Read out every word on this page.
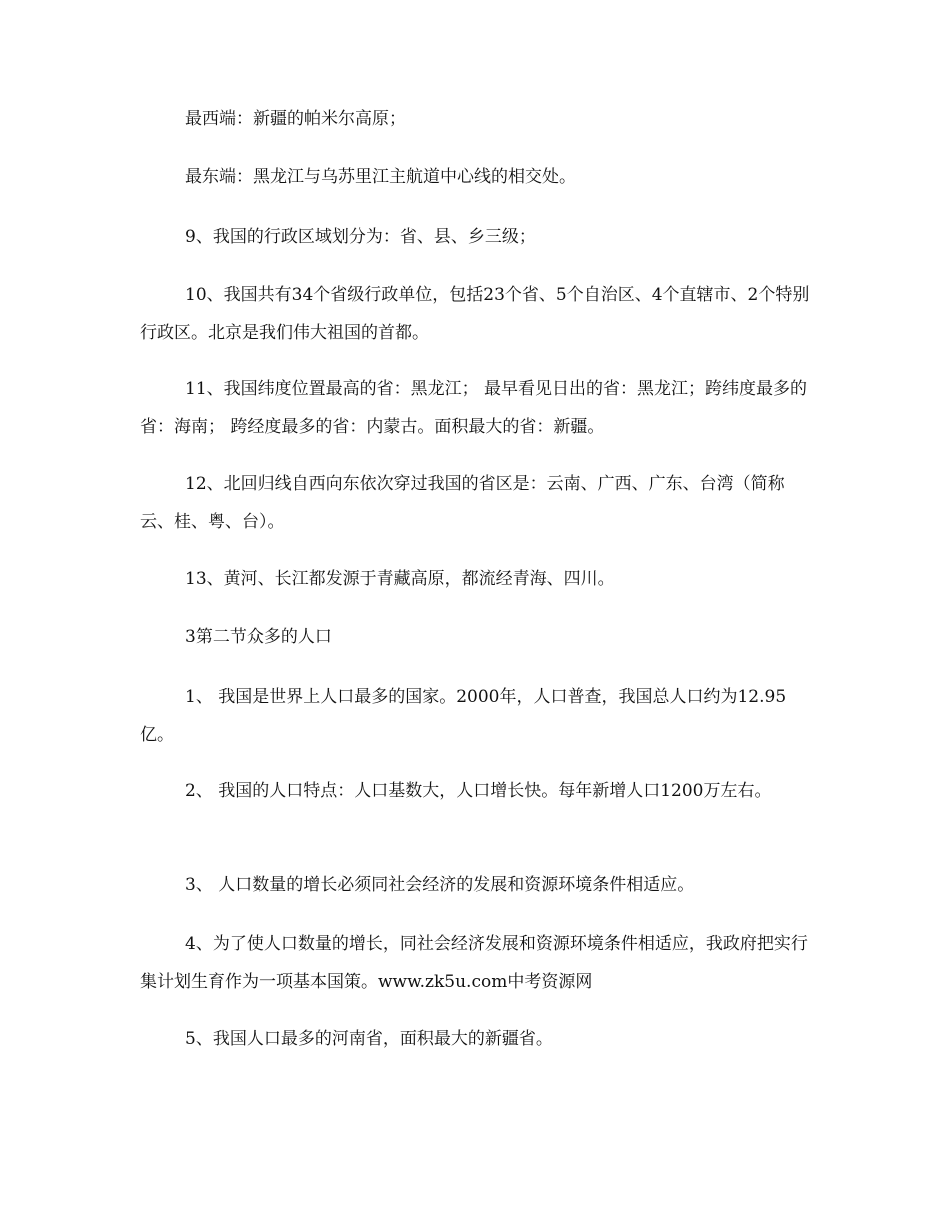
最西端：新疆的帕米尔高原；

最东端：黑龙江与乌苏里江主航道中心线的相交处。

9、我国的行政区域划分为：省、县、乡三级；

10、我国共有34个省级行政单位，包括23个省、5个自治区、4个直辖市、2个特别行政区。北京是我们伟大祖国的首都。

11、我国纬度位置最高的省：黑龙江； 最早看见日出的省：黑龙江；跨纬度最多的省：海南； 跨经度最多的省：内蒙古。面积最大的省：新疆。

12、北回归线自西向东依次穿过我国的省区是：云南、广西、广东、台湾（简称云、桂、粤、台）。

13、黄河、长江都发源于青藏高原，都流经青海、四川。

3第二节众多的人口

1、 我国是世界上人口最多的国家。2000年，人口普查，我国总人口约为12.95亿。

2、 我国的人口特点：人口基数大，人口增长快。每年新增人口1200万左右。

3、 人口数量的增长必须同社会经济的发展和资源环境条件相适应。

4、为了使人口数量的增长，同社会经济发展和资源环境条件相适应，我政府把实行集计划生育作为一项基本国策。www.zk5u.com中考资源网

5、我国人口最多的河南省，面积最大的新疆省。
